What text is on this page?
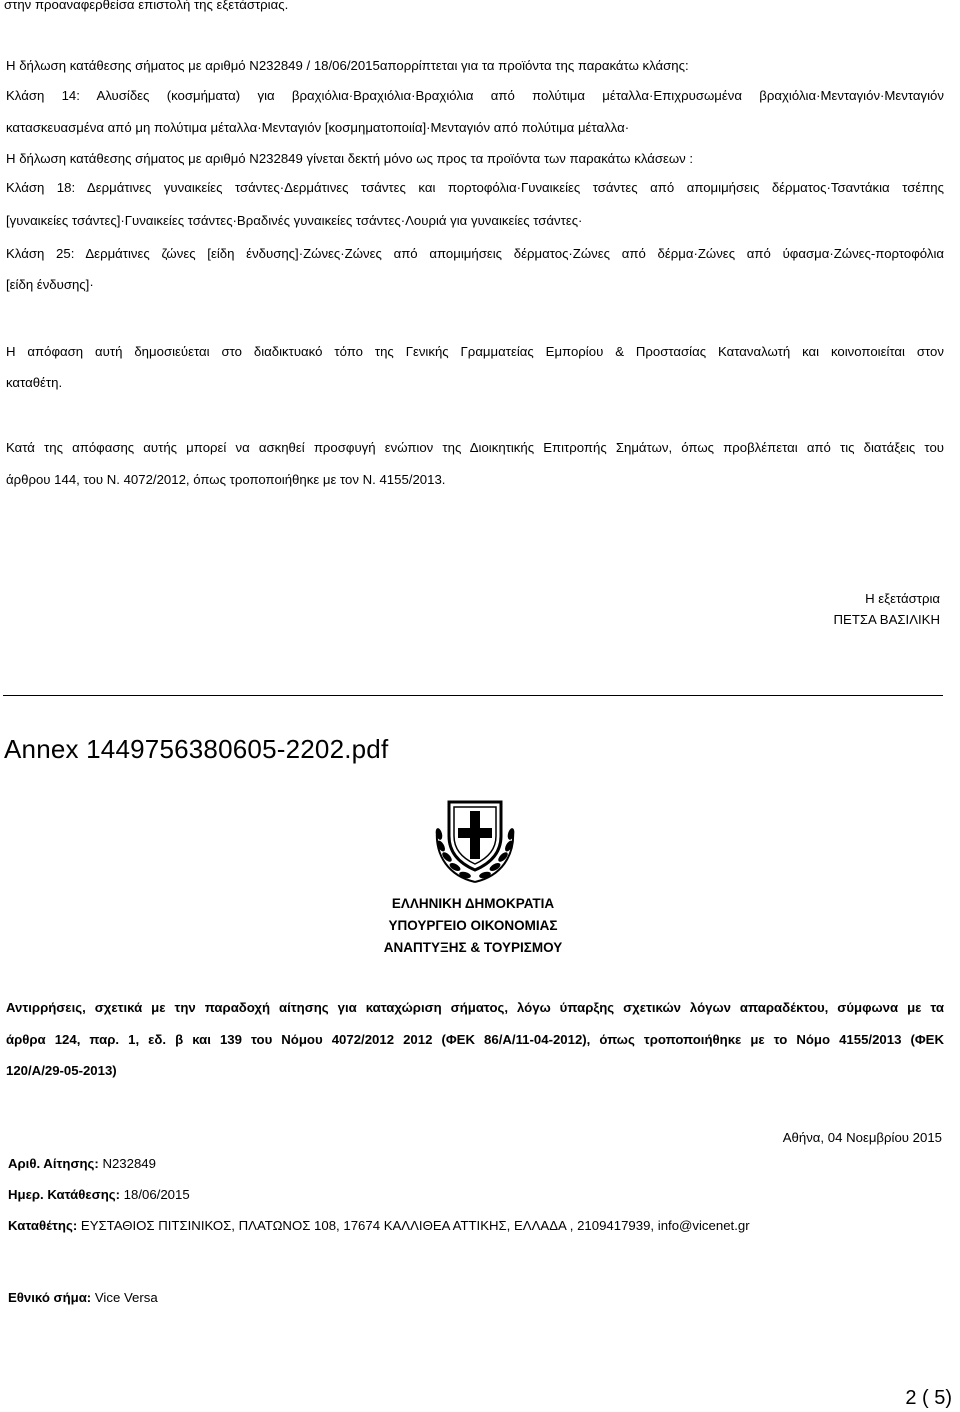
στην προαναφερθείσα επιστολή της εξετάστριας.
Η δήλωση κατάθεσης σήματος με αριθμό Ν232849 / 18/06/2015απορρίπτεται για τα προϊόντα της παρακάτω κλάσης:
Κλάση 14: Αλυσίδες (κοσμήματα) για βραχιόλια·Βραχιόλια·Βραχιόλια από πολύτιμα μέταλλα·Επιχρυσωμένα βραχιόλια·Μενταγιόν·Μενταγιόν
κατασκευασμένα από μη πολύτιμα μέταλλα·Μενταγιόν [κοσμηματοποιία]·Μενταγιόν από πολύτιμα μέταλλα·
Η δήλωση κατάθεσης σήματος με αριθμό Ν232849 γίνεται δεκτή μόνο ως προς τα προϊόντα των παρακάτω κλάσεων :
Κλάση 18: Δερμάτινες γυναικείες τσάντες·Δερμάτινες τσάντες και πορτοφόλια·Γυναικείες τσάντες από απομιμήσεις δέρματος·Τσαντάκια τσέπης
[γυναικείες τσάντες]·Γυναικείες τσάντες·Βραδινές γυναικείες τσάντες·Λουριά για γυναικείες τσάντες·
Κλάση 25: Δερμάτινες ζώνες [είδη ένδυσης]·Ζώνες·Ζώνες από απομιμήσεις δέρματος·Ζώνες από δέρμα·Ζώνες από ύφασμα·Ζώνες-πορτοφόλια
[είδη ένδυσης]·
Η απόφαση αυτή δημοσιεύεται στο διαδικτυακό τόπο της Γενικής Γραμματείας Εμπορίου & Προστασίας Καταναλωτή και κοινοποιείται στον
καταθέτη.
Κατά της απόφασης αυτής μπορεί να ασκηθεί προσφυγή ενώπιον της Διοικητικής Επιτροπής Σημάτων, όπως προβλέπεται από τις διατάξεις του
άρθρου 144, του Ν. 4072/2012, όπως τροποποιήθηκε με τον Ν. 4155/2013.
Η εξετάστρια
ΠΕΤΣΑ ΒΑΣΙΛΙΚΗ
Annex 1449756380605-2202.pdf
ΕΛΛΗΝΙΚΗ ΔΗΜΟΚΡΑΤΙΑ
ΥΠΟΥΡΓΕΙΟ ΟΙΚΟΝΟΜΙΑΣ
ΑΝΑΠΤΥΞΗΣ & ΤΟΥΡΙΣΜΟΥ
Αντιρρήσεις, σχετικά με την παραδοχή αίτησης για καταχώριση σήματος, λόγω ύπαρξης σχετικών λόγων απαραδέκτου, σύμφωνα με τα
άρθρα 124, παρ. 1, εδ. β και 139 του Νόμου 4072/2012 2012 (ΦΕΚ 86/Α/11-04-2012), όπως τροποποιήθηκε με το Νόμο 4155/2013 (ΦΕΚ
120/Α/29-05-2013)
Αθήνα, 04 Νοεμβρίου 2015
Αριθ. Αίτησης: Ν232849
Ημερ. Κατάθεσης: 18/06/2015
Καταθέτης: ΕΥΣΤΑΘΙΟΣ ΠΙΤΣΙΝΙΚΟΣ, ΠΛΑΤΩΝΟΣ 108, 17674 ΚΑΛΛΙΘΕΑ ΑΤΤΙΚΗΣ, ΕΛΛΑΔΑ , 2109417939, info@vicenet.gr
Εθνικό σήμα: Vice Versa
2 ( 5)
